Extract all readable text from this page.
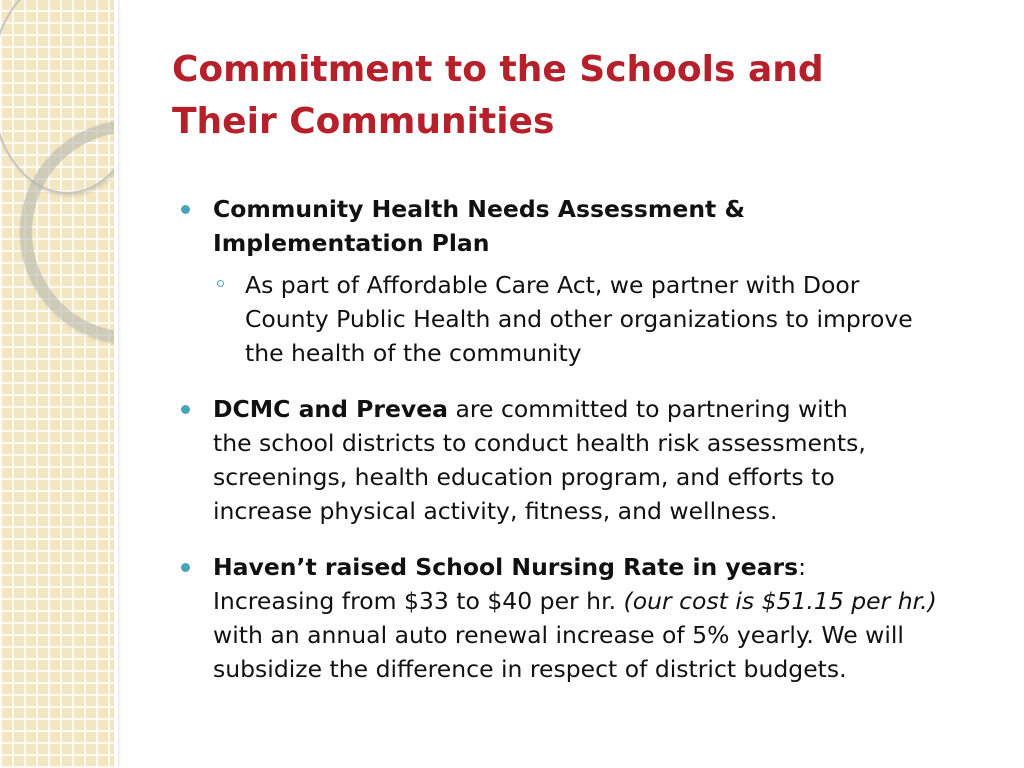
Commitment to the Schools and
Their Communities
Community Health Needs Assessment &
Implementation Plan
As part of Affordable Care Act, we partner with Door
County Public Health and other organizations to improve
the health of the community
DCMC and Prevea are committed to partnering with
the school districts to conduct health risk assessments,
screenings, health education program, and efforts to
increase physical activity, fitness, and wellness.
Haven’t raised School Nursing Rate in years:
Increasing from $33 to $40 per hr. (our cost is $51.15 per hr.)
with an annual auto renewal increase of 5% yearly. We will
subsidize the difference in respect of district budgets.
